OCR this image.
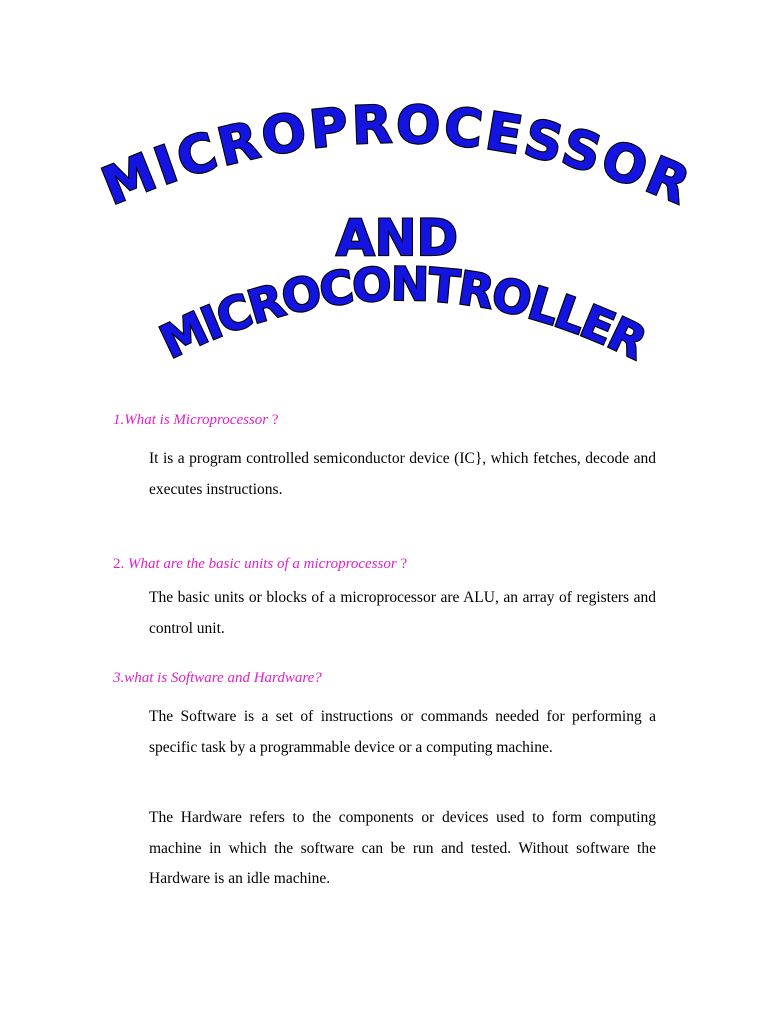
MICROPROCESSOR
AND
MICROCONTROLLER

1.What is Microprocessor ?

It is a program controlled semiconductor device (IC}, which fetches, decode and executes instructions.

2. What are the basic units of a microprocessor ?

The basic units or blocks of a microprocessor are ALU, an array of registers and control unit.

3.what is Software and Hardware?

The Software is a set of instructions or commands needed for performing a specific task by a programmable device or a computing machine.

The Hardware refers to the components or devices used to form computing machine in which the software can be run and tested. Without software the Hardware is an idle machine.
